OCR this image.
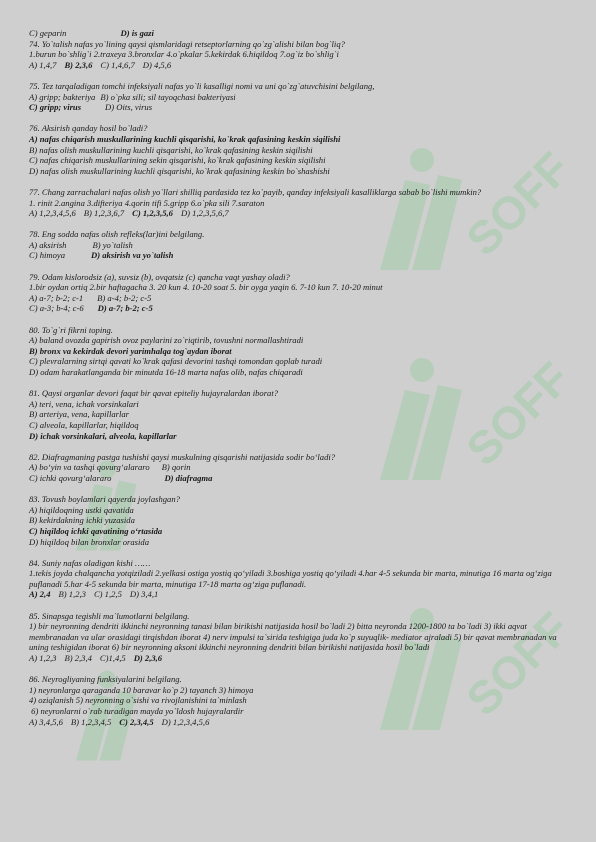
SOFF
SOFF
SOFF
C) geparin	D) is gazi
74. Yo`talish nafas yo`lining qaysi qismlaridagi retseptorlarning qo`zg`alishi bilan bog`liq?
1.burun bo`shlig`i 2.traxeya 3.bronxlar 4.o`pkalar 5.kekirdak 6.hiqildoq 7.og`iz bo`shlig`i
A) 1,4,7 B) 2,3,6 C) 1,4,6,7 D) 4,5,6
75. Tez tarqaladigan tomchi infeksiyali nafas yo`li kasalligi nomi va uni qo`zg`atuvchisini belgilang,
A) gripp; bakteriya B) o`pka sili; sil tayoqchasi bakteriyasi
C) gripp; virus	D) Oits, virus
76. Aksirish qanday hosil bo`ladi?
A) nafas chiqarish muskullarining kuchli qisqarishi, ko`krak qafasining keskin siqilishi
B) nafas olish muskullarining kuchli qisqarishi, ko`krak qafasining keskin siqilishi
C) nafas chiqarish muskullarining sekin qisqarishi, ko`krak qafasining keskin siqilishi
D) nafas olish muskullarining kuchli qisqarishi, ko`krak qafasining keskin bo`shashishi
77. Chang zarrachalari nafas olish yo`llari shilliq pardasida tez ko`payib, qanday infeksiyali kasalliklarga sabab bo`lishi mumkin?
1. rinit 2.angina 3.difteriya 4.qorin tifi 5.gripp 6.o`pka sili 7.saraton
A) 1,2,3,4,5,6 B) 1,2,3,6,7 C) 1,2,3,5,6 D) 1,2,3,5,6,7
78. Eng sodda nafas olish refleks(lar)ini belgilang.
A) aksirish	B) yo`talish
C) himoya	D) aksirish va yo`talish
79. Odam kislorodsiz (a), suvsiz (b), ovqatsiz (c) qancha vaqt yashay oladi?
1.bir oydan ortiq 2.bir haftagacha 3. 20 kun 4. 10-20 soat 5. bir oyga yaqin 6. 7-10 kun 7. 10-20 minut
A) a-7; b-2; c-1 B) a-4; b-2; c-5
C) a-3; b-4; c-6 D) a-7; b-2; c-5
80. To`g`ri fikrni toping.
A) baland ovozda gapirish ovoz paylarini zo`riqtirib, tovushni normallashtiradi
B) bronx va kekirdak devori yarimhalqa tog`aydan iborat
C) plevralarning sirtqi qavati ko`krak qafasi devorini tashqi tomondan qoplab turadi
D) odam harakatlanganda bir minutda 16-18 marta nafas olib, nafas chiqaradi
81. Qaysi organlar devori faqat bir qavat epiteliy hujayralardan iborat?
A) teri, vena, ichak vorsinkalari
B) arteriya, vena, kapillarlar
C) alveola, kapillarlar, hiqildoq
D) ichak vorsinkalari, alveola, kapillarlar
82. Diafragmaning pastga tushishi qaysi muskulning qisqarishi natijasida sodir bo‘ladi?
A) bo‘yin va tashqi qovurg‘alararo B) qorin
C) ichki qovurg‘alararo	D) diafragma
83. Tovush boylamlari qayerda joylashgan?
A) hiqildoqning ustki qavatida
B) kekirdakning ichki yuzasida
C) hiqildoq ichki qavatining o‘rtasida
D) hiqildoq bilan bronxlar orasida
84. Suniy nafas oladigan kishi ……
1.tekis joyda chalqancha yotqiziladi 2.yelkasi ostiga yostiq qo‘yiladi 3.boshiga yostiq qo‘yiladi 4.har 4-5 sekunda bir marta, minutiga 16 marta og‘ziga puflanadi 5.har 4-5 sekunda bir marta, minutiga 17-18 marta og‘ziga puflanadi.
A) 2,4 B) 1,2,3 C) 1,2,5 D) 3,4,1
85. Sinapsga tegishli ma`lumotlarni belgilang.
1) bir neyronning dendriti ikkinchi neyronning tanasi bilan birikishi natijasida hosil bo`ladi 2) bitta neyronda 1200-1800 ta bo`ladi 3) ikki aqvat membranadan va ular orasidagi tirqishdan iborat 4) nerv impulsi ta`sirida teshigiga juda ko`p suyuqlik- mediator ajraladi 5) bir qavat membranadan va uning teshigidan iborat 6) bir neyronning aksoni ikkinchi neyronning dendriti bilan birikishi natijasida hosil bo`ladi
A) 1,2,3 B) 2,3,4 C)1,4,5 D) 2,3,6
86. Neyrogliyaning funksiyalarini belgilang.
1) neyronlarga qaraganda 10 baravar ko`p 2) tayanch 3) himoya
4) oziqlanish 5) neyronning o`sishi va rivojlanishini ta`minlash
6) neyronlarni o`rab turadigan mayda yo`ldosh hujayralardir
A) 3,4,5,6 B) 1,2,3,4,5 C) 2,3,4,5 D) 1,2,3,4,5,6
